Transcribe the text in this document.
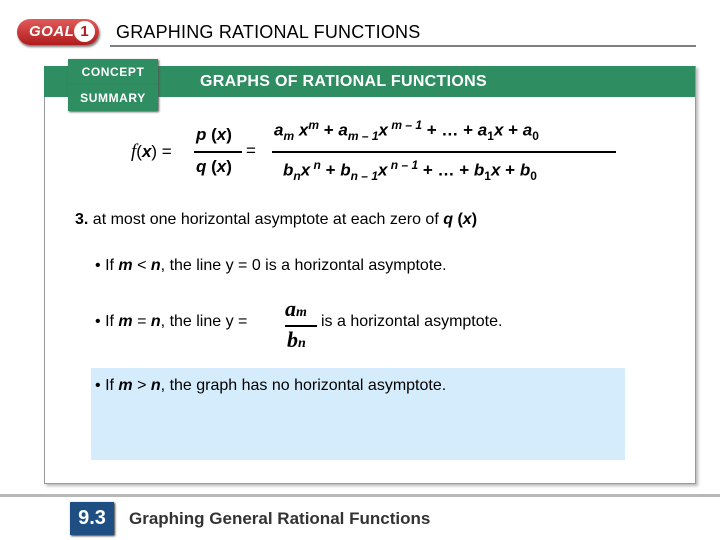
GOAL 1	GRAPHING RATIONAL FUNCTIONS
GRAPHS OF RATIONAL FUNCTIONS
CONCEPT
SUMMARY
f(x) =
p (x)
q (x)
=
$a_m$ $x^m + a_{m - 1}x$ $^{m - 1}$ + … + $a_1x + a_0$
$b_nx$ $^n + b_{n - 1}x$ $^{n - 1}$ + … + $b_1x + b_0$
3. at most one horizontal asymptote at each zero of q (x)
• If m < n, the line y = 0 is a horizontal asymptote.
• If m = n, the line y =
am
bn
is a horizontal asymptote.
• If m > n, the graph has no horizontal asymptote.
9.3	Graphing General Rational Functions
